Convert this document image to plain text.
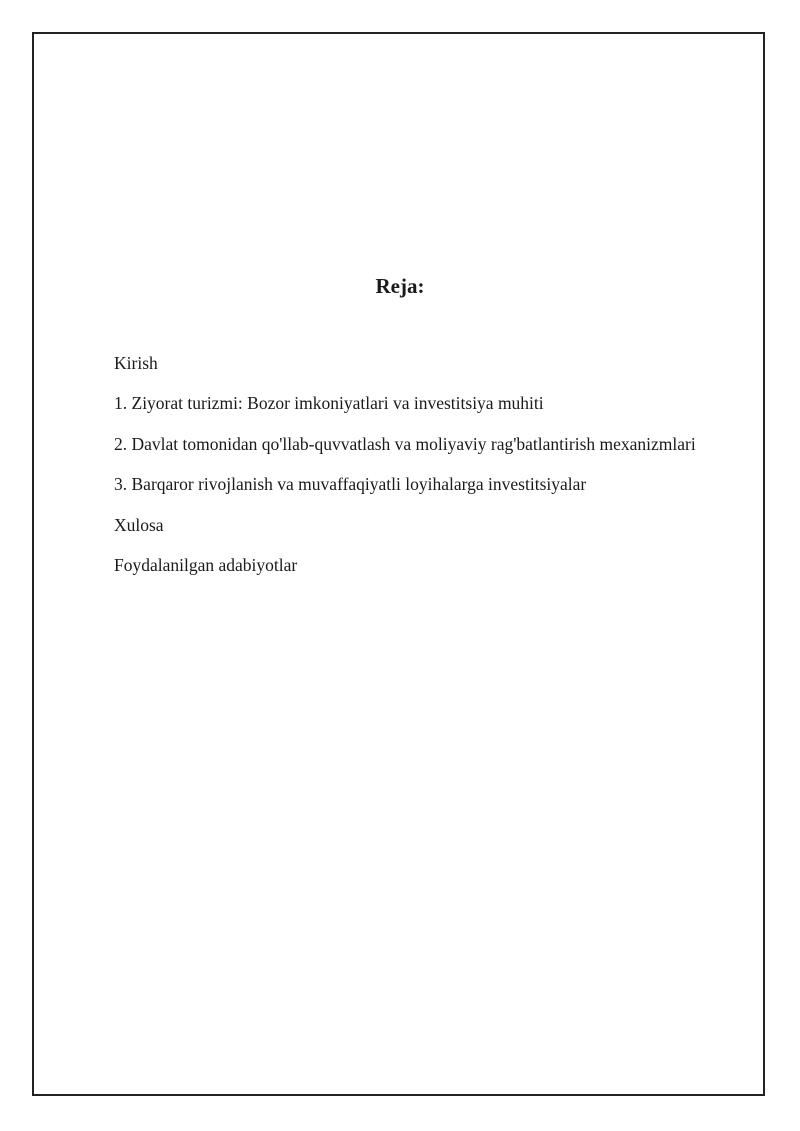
Reja:
Kirish
1. Ziyorat turizmi: Bozor imkoniyatlari va investitsiya muhiti
2. Davlat tomonidan qo'llab-quvvatlash va moliyaviy rag'batlantirish mexanizmlari
3. Barqaror rivojlanish va muvaffaqiyatli loyihalarga investitsiyalar
Xulosa
Foydalanilgan adabiyotlar
